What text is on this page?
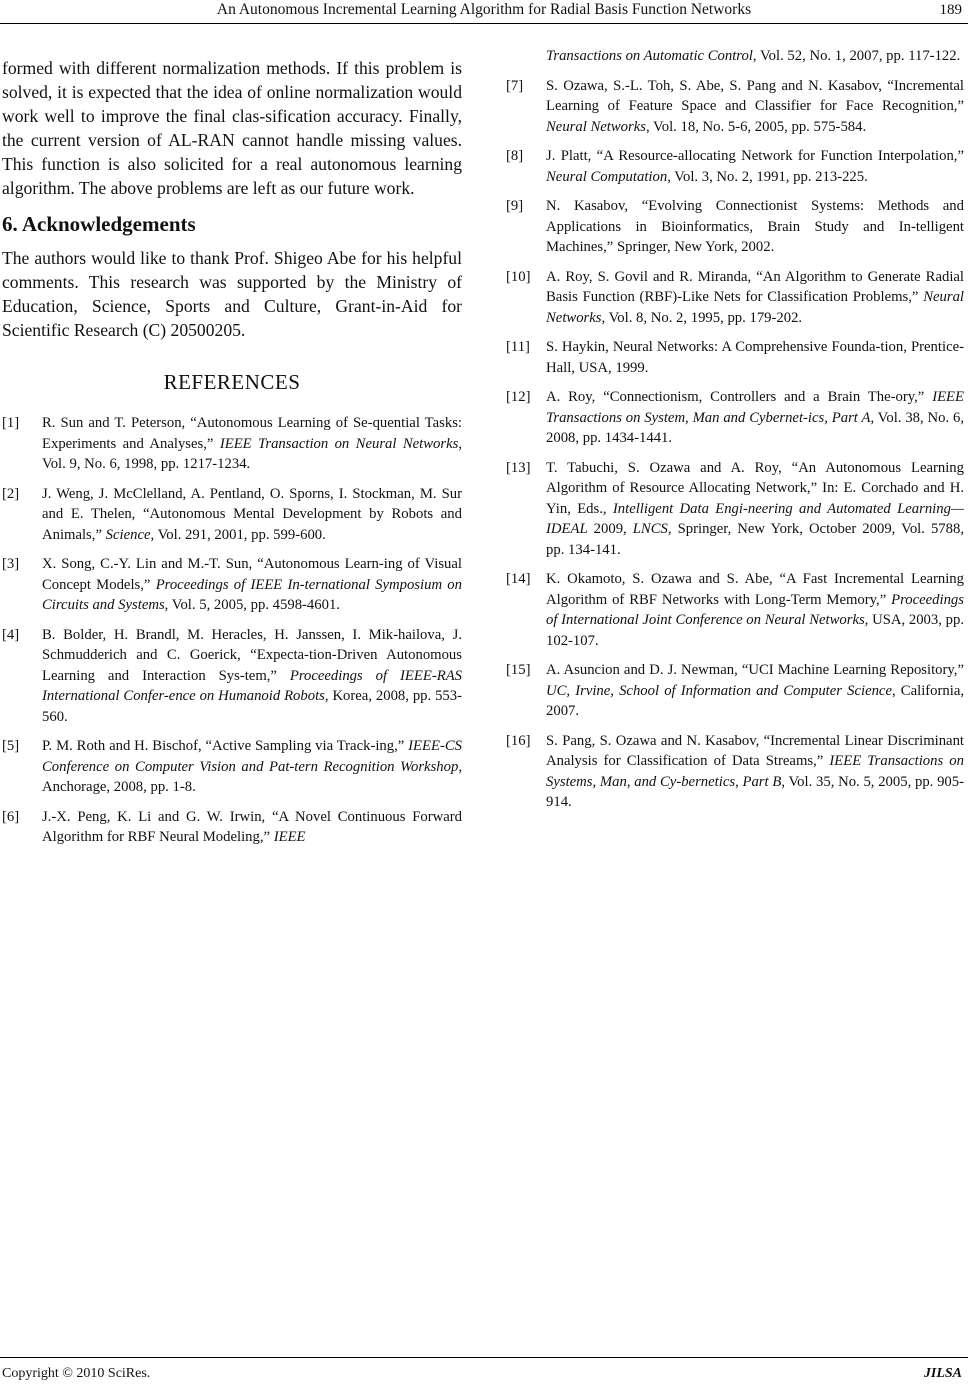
An Autonomous Incremental Learning Algorithm for Radial Basis Function Networks	189

formed with different normalization methods. If this problem is solved, it is expected that the idea of online normalization would work well to improve the final clas-sification accuracy. Finally, the current version of AL-RAN cannot handle missing values. This function is also solicited for a real autonomous learning algorithm. The above problems are left as our future work.

6. Acknowledgements

The authors would like to thank Prof. Shigeo Abe for his helpful comments. This research was supported by the Ministry of Education, Science, Sports and Culture, Grant-in-Aid for Scientific Research (C) 20500205.

REFERENCES
[1]	R. Sun and T. Peterson, “Autonomous Learning of Se-quential Tasks: Experiments and Analyses,” IEEE Transaction on Neural Networks, Vol. 9, No. 6, 1998, pp. 1217-1234.
[2]	J. Weng, J. McClelland, A. Pentland, O. Sporns, I. Stockman, M. Sur and E. Thelen, “Autonomous Mental Development by Robots and Animals,” Science, Vol. 291, 2001, pp. 599-600.
[3]	X. Song, C.-Y. Lin and M.-T. Sun, “Autonomous Learn-ing of Visual Concept Models,” Proceedings of IEEE In-ternational Symposium on Circuits and Systems, Vol. 5, 2005, pp. 4598-4601.
[4]	B. Bolder, H. Brandl, M. Heracles, H. Janssen, I. Mik-hailova, J. Schmudderich and C. Goerick, “Expecta-tion-Driven Autonomous Learning and Interaction Sys-tem,” Proceedings of IEEE-RAS International Confer-ence on Humanoid Robots, Korea, 2008, pp. 553-560.
[5]	P. M. Roth and H. Bischof, “Active Sampling via Track-ing,” IEEE-CS Conference on Computer Vision and Pat-tern Recognition Workshop, Anchorage, 2008, pp. 1-8.
[6]	J.-X. Peng, K. Li and G. W. Irwin, “A Novel Continuous Forward Algorithm for RBF Neural Modeling,” IEEE
Transactions on Automatic Control, Vol. 52, No. 1, 2007, pp. 117-122.
[7]	S. Ozawa, S.-L. Toh, S. Abe, S. Pang and N. Kasabov, “Incremental Learning of Feature Space and Classifier for Face Recognition,” Neural Networks, Vol. 18, No. 5-6, 2005, pp. 575-584.
[8]	J. Platt, “A Resource-allocating Network for Function Interpolation,” Neural Computation, Vol. 3, No. 2, 1991, pp. 213-225.
[9]	N. Kasabov, “Evolving Connectionist Systems: Methods and Applications in Bioinformatics, Brain Study and In-telligent Machines,” Springer, New York, 2002.
[10]	A. Roy, S. Govil and R. Miranda, “An Algorithm to Generate Radial Basis Function (RBF)-Like Nets for Classification Problems,” Neural Networks, Vol. 8, No. 2, 1995, pp. 179-202.
[11]	S. Haykin, Neural Networks: A Comprehensive Founda-tion, Prentice-Hall, USA, 1999.
[12]	A. Roy, “Connectionism, Controllers and a Brain The-ory,” IEEE Transactions on System, Man and Cybernet-ics, Part A, Vol. 38, No. 6, 2008, pp. 1434-1441.
[13]	T. Tabuchi, S. Ozawa and A. Roy, “An Autonomous Learning Algorithm of Resource Allocating Network,” In: E. Corchado and H. Yin, Eds., Intelligent Data Engi-neering and Automated Learning—IDEAL 2009, LNCS, Springer, New York, October 2009, Vol. 5788, pp. 134-141.
[14]	K. Okamoto, S. Ozawa and S. Abe, “A Fast Incremental Learning Algorithm of RBF Networks with Long-Term Memory,” Proceedings of International Joint Conference on Neural Networks, USA, 2003, pp. 102-107.
[15]	A. Asuncion and D. J. Newman, “UCI Machine Learning Repository,” UC, Irvine, School of Information and Computer Science, California, 2007.
[16]	S. Pang, S. Ozawa and N. Kasabov, “Incremental Linear Discriminant Analysis for Classification of Data Streams,” IEEE Transactions on Systems, Man, and Cy-bernetics, Part B, Vol. 35, No. 5, 2005, pp. 905-914.
Copyright © 2010 SciRes.	JILSA
